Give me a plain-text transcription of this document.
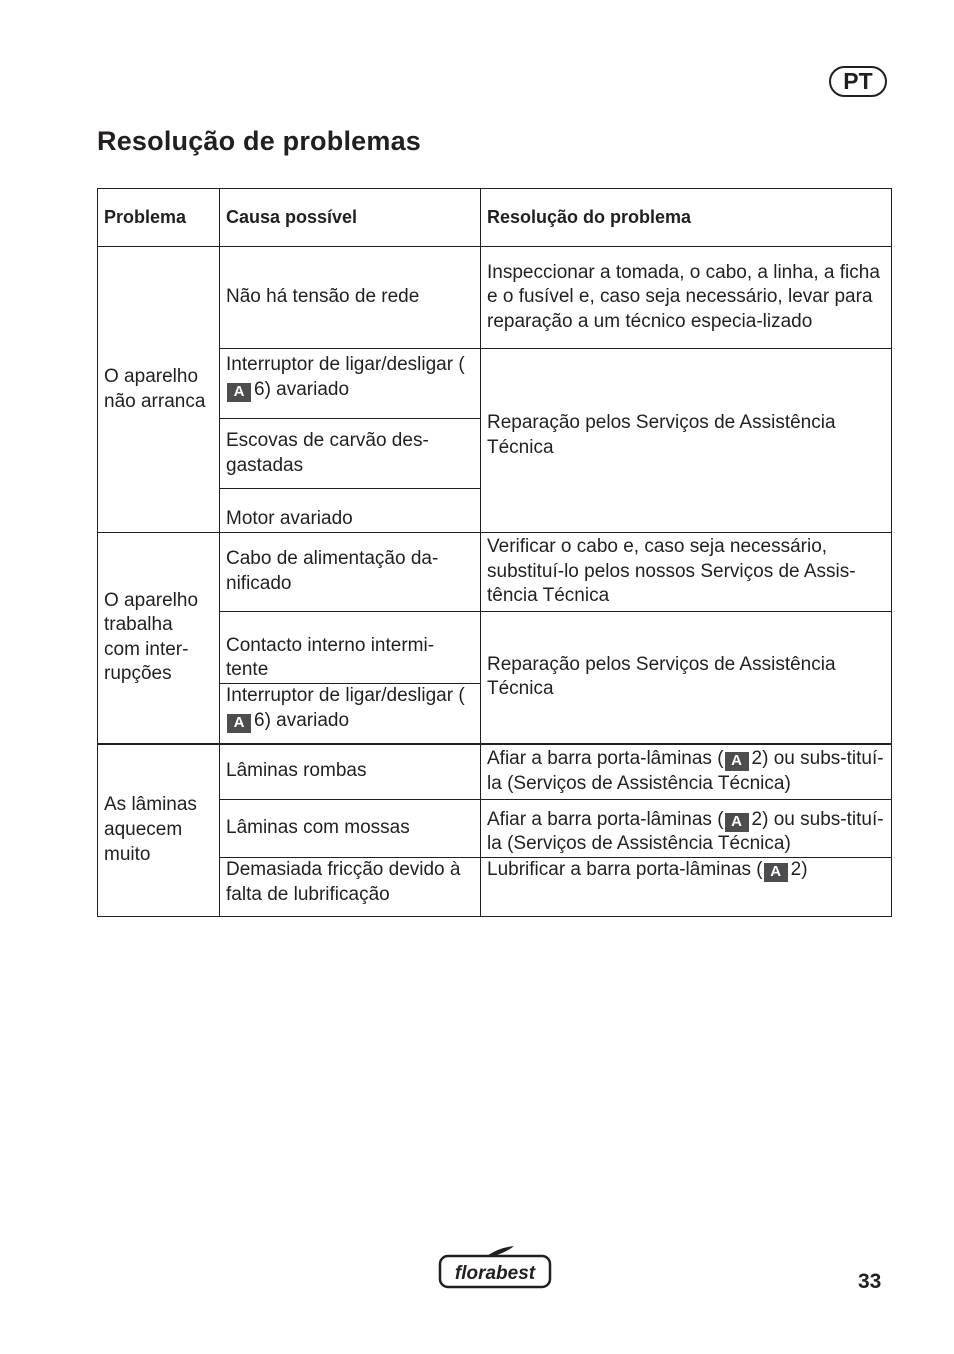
PT
Resolução de problemas
Problema	Causa possível	Resolução do problema
O aparelho não arranca	Não há tensão de rede	Inspeccionar a tomada, o cabo, a linha, a ficha e o fusível e, caso seja necessário, levar para reparação a um técnico especia-lizado
	Interruptor de ligar/desligar (A 6) avariado	Reparação pelos Serviços de Assistência Técnica
	Escovas de carvão des-gastadas	
	Motor avariado	
O aparelho trabalha com inter-rupções	Cabo de alimentação da-nificado	Verificar o cabo e, caso seja necessário, substituí-lo pelos nossos Serviços de Assis-tência Técnica
	Contacto interno intermi-tente	Reparação pelos Serviços de Assistência Técnica
	Interruptor de ligar/desligar (A 6) avariado	
As lâminas aquecem muito	Lâminas rombas	Afiar a barra porta-lâminas ( A 2) ou subs-tituí-la (Serviços de Assistência Técnica)
	Lâminas com mossas	Afiar a barra porta-lâminas ( A 2) ou subs-tituí-la (Serviços de Assistência Técnica)
	Demasiada fricção devido à falta de lubrificação	Lubrificar a barra porta-lâminas ( A 2)
florabest	33
